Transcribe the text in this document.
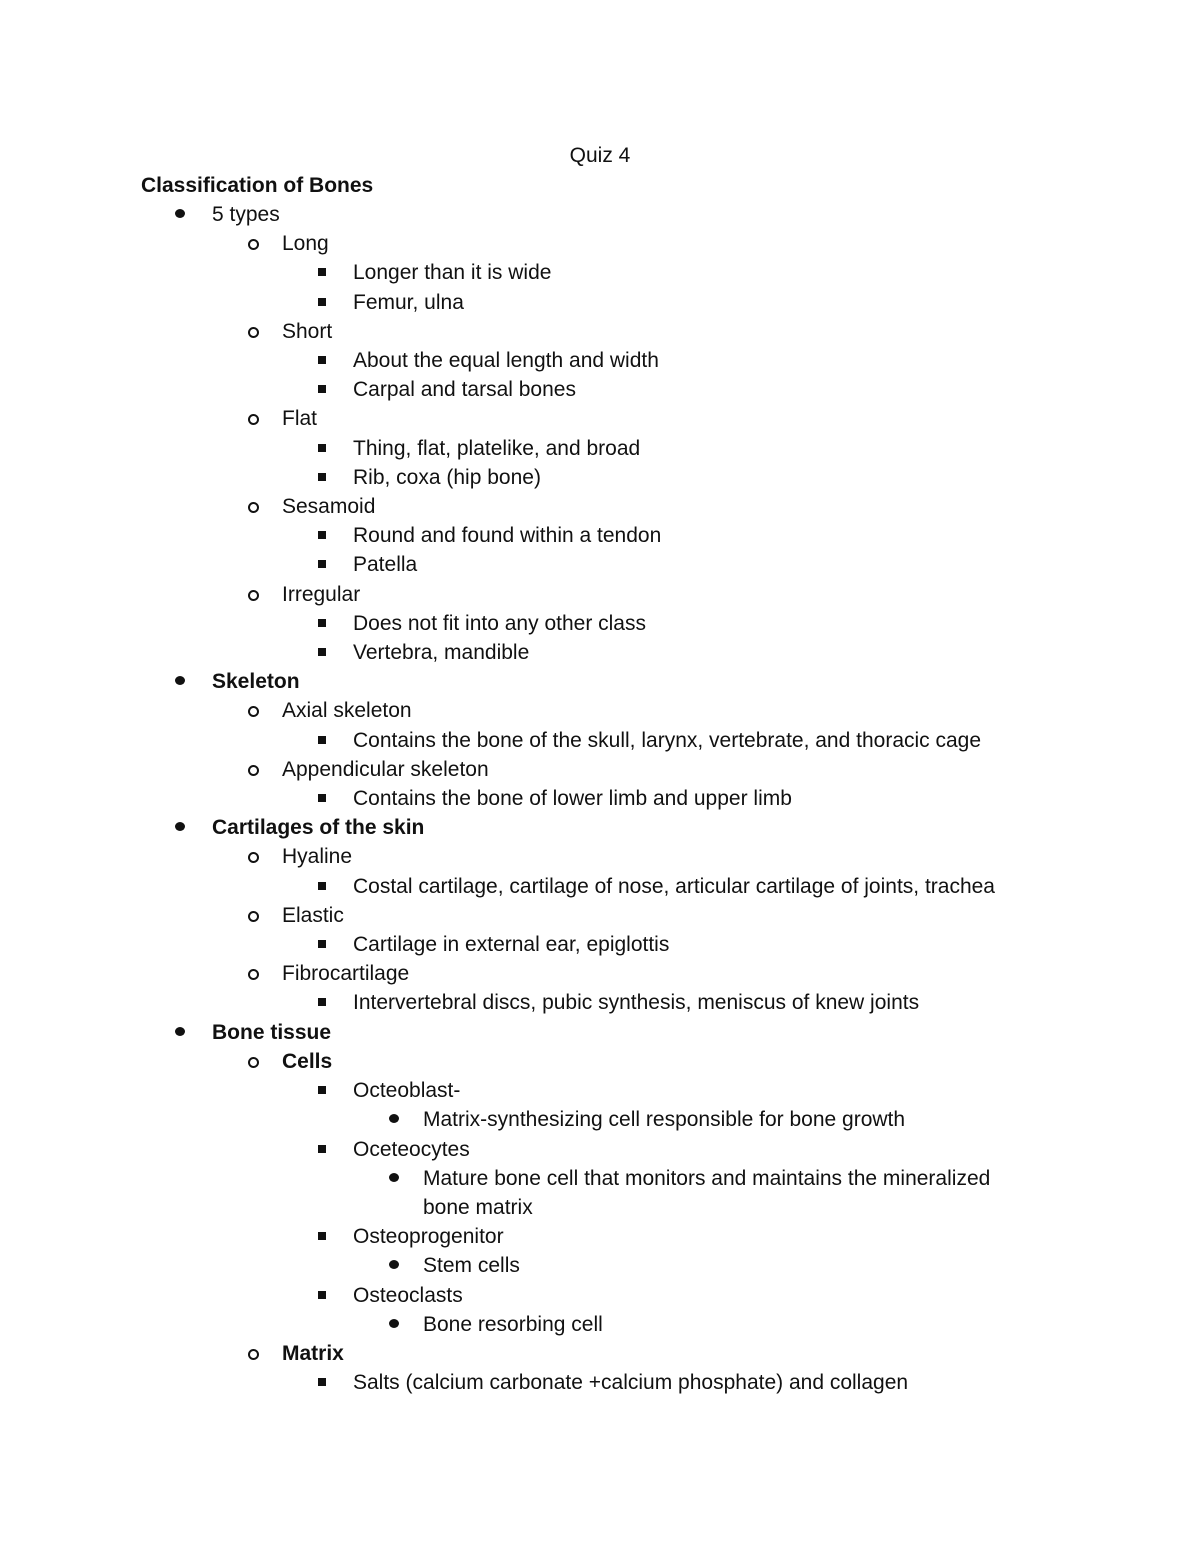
Quiz 4
Classification of Bones
5 types
Long
Longer than it is wide
Femur, ulna
Short
About the equal length and width
Carpal and tarsal bones
Flat
Thing, flat, platelike, and broad
Rib, coxa (hip bone)
Sesamoid
Round and found within a tendon
Patella
Irregular
Does not fit into any other class
Vertebra, mandible
Skeleton
Axial skeleton
Contains the bone of the skull, larynx, vertebrate, and thoracic cage
Appendicular skeleton
Contains the bone of lower limb and upper limb
Cartilages of the skin
Hyaline
Costal cartilage, cartilage of nose, articular cartilage of joints, trachea
Elastic
Cartilage in external ear, epiglottis
Fibrocartilage
Intervertebral discs, pubic synthesis, meniscus of knew joints
Bone tissue
Cells
Octeoblast-
Matrix-synthesizing cell responsible for bone growth
Oceteocytes
Mature bone cell that monitors and maintains the mineralized bone matrix
Osteoprogenitor
Stem cells
Osteoclasts
Bone resorbing cell
Matrix
Salts (calcium carbonate +calcium phosphate) and collagen
